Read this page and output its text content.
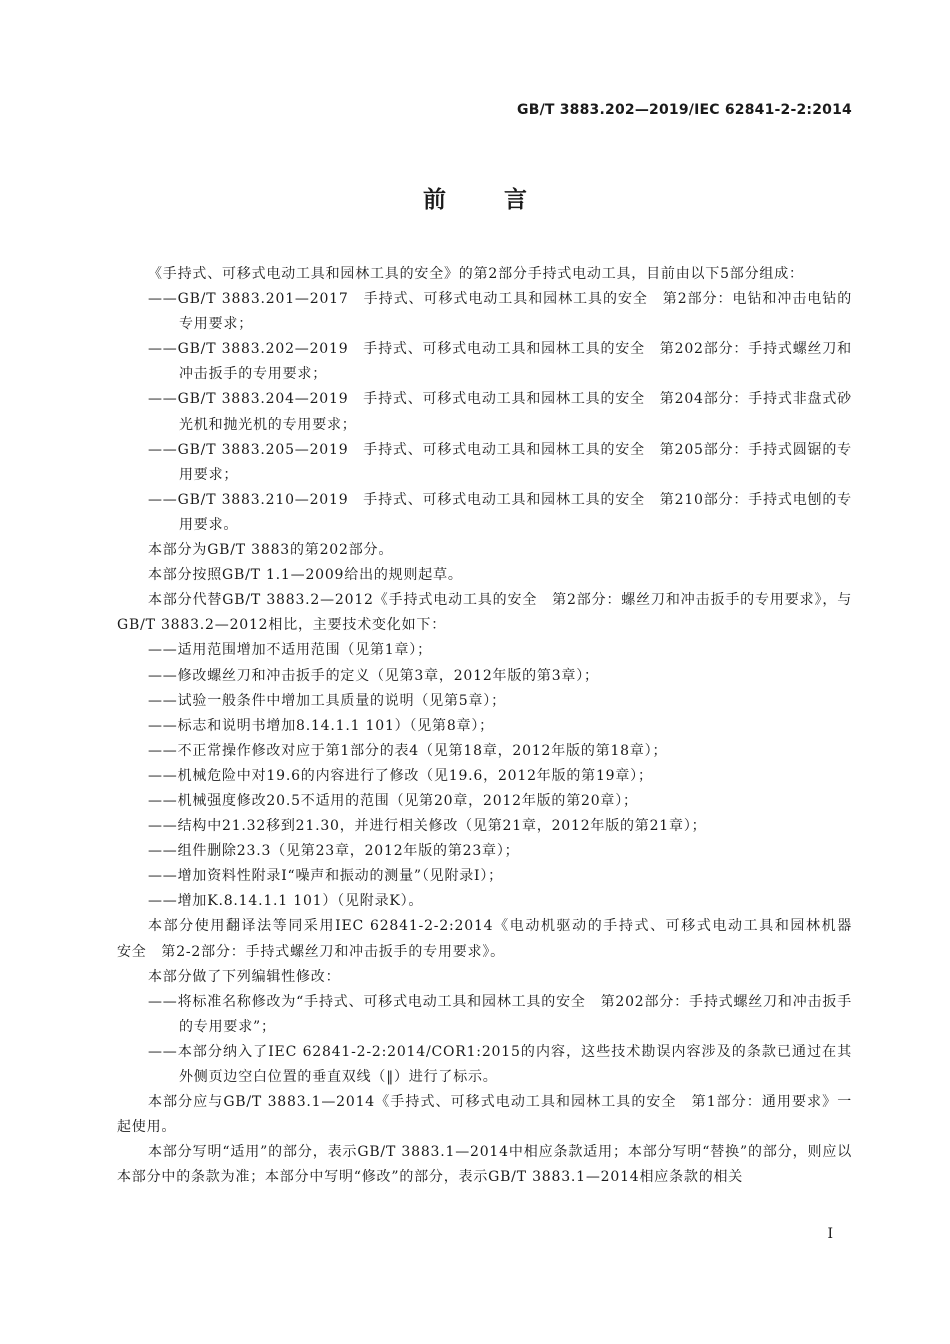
GB/T 3883.202—2019/IEC 62841-2-2:2014
前言

《手持式、可移式电动工具和园林工具的安全》的第2部分手持式电动工具，目前由以下5部分组成：

——GB/T 3883.201—2017　手持式、可移式电动工具和园林工具的安全　第2部分：电钻和冲击电钻的专用要求；

——GB/T 3883.202—2019　手持式、可移式电动工具和园林工具的安全　第202部分：手持式螺丝刀和冲击扳手的专用要求；

——GB/T 3883.204—2019　手持式、可移式电动工具和园林工具的安全　第204部分：手持式非盘式砂光机和抛光机的专用要求；

——GB/T 3883.205—2019　手持式、可移式电动工具和园林工具的安全　第205部分：手持式圆锯的专用要求；

——GB/T 3883.210—2019　手持式、可移式电动工具和园林工具的安全　第210部分：手持式电刨的专用要求。

本部分为GB/T 3883的第202部分。

本部分按照GB/T 1.1—2009给出的规则起草。

本部分代替GB/T 3883.2—2012《手持式电动工具的安全　第2部分：螺丝刀和冲击扳手的专用要求》，与GB/T 3883.2—2012相比，主要技术变化如下：

——适用范围增加不适用范围（见第1章）；

——修改螺丝刀和冲击扳手的定义（见第3章，2012年版的第3章）；

——试验一般条件中增加工具质量的说明（见第5章）；

——标志和说明书增加8.14.1.1 101）（见第8章）；

——不正常操作修改对应于第1部分的表4（见第18章，2012年版的第18章）；

——机械危险中对19.6的内容进行了修改（见19.6，2012年版的第19章）；

——机械强度修改20.5不适用的范围（见第20章，2012年版的第20章）；

——结构中21.32移到21.30，并进行相关修改（见第21章，2012年版的第21章）；

——组件删除23.3（见第23章，2012年版的第23章）；

——增加资料性附录I“噪声和振动的测量”（见附录I）；

——增加K.8.14.1.1 101）（见附录K）。

本部分使用翻译法等同采用IEC 62841-2-2:2014《电动机驱动的手持式、可移式电动工具和园林机器　安全　第2-2部分：手持式螺丝刀和冲击扳手的专用要求》。

本部分做了下列编辑性修改：

——将标准名称修改为“手持式、可移式电动工具和园林工具的安全　第202部分：手持式螺丝刀和冲击扳手的专用要求”；

——本部分纳入了IEC 62841-2-2:2014/COR1:2015的内容，这些技术勘误内容涉及的条款已通过在其外侧页边空白位置的垂直双线（‖）进行了标示。

本部分应与GB/T 3883.1—2014《手持式、可移式电动工具和园林工具的安全　第1部分：通用要求》一起使用。

本部分写明“适用”的部分，表示GB/T 3883.1—2014中相应条款适用；本部分写明“替换”的部分，则应以本部分中的条款为准；本部分中写明“修改”的部分，表示GB/T 3883.1—2014相应条款的相关

I
